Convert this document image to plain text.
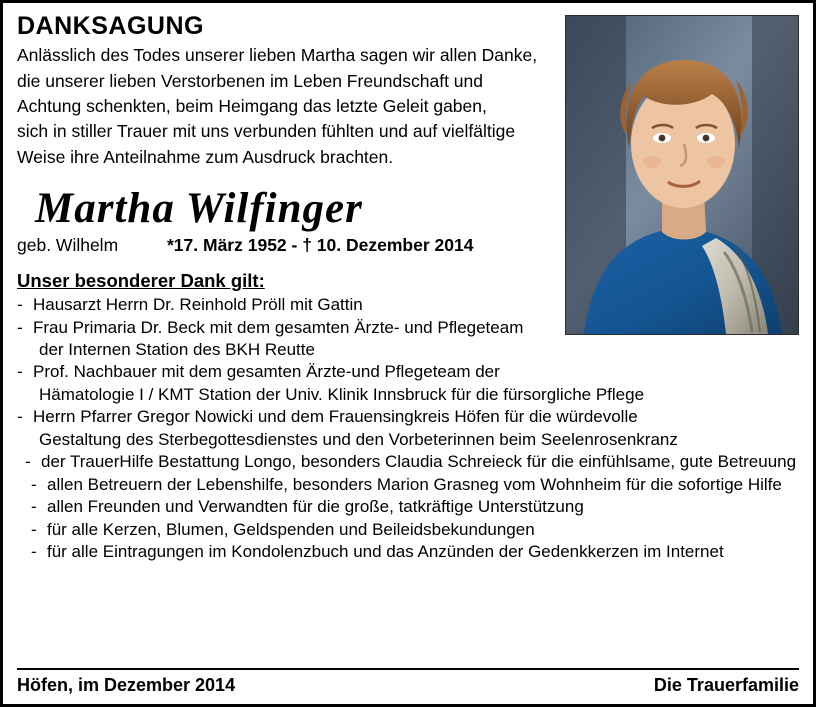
DANKSAGUNG

Anlässlich des Todes unserer lieben Martha sagen wir allen Danke,

die unserer lieben Verstorbenen im Leben Freundschaft und

Achtung schenkten, beim Heimgang das letzte Geleit gaben,

sich in stiller Trauer mit uns verbunden fühlten und auf vielfältige

Weise ihre Anteilnahme zum Ausdruck brachten.

Martha Wilfinger
geb. Wilhelm	*17. März 1952 - † 10. Dezember 2014
Unser besonderer Dank gilt:
- Hausarzt Herrn Dr. Reinhold Pröll mit Gattin
- Frau Primaria Dr. Beck mit dem gesamten Ärzte- und Pflegeteam
der Internen Station des BKH Reutte
- Prof. Nachbauer mit dem gesamten Ärzte-und Pflegeteam der
Hämatologie I / KMT Station der Univ. Klinik Innsbruck für die fürsorgliche Pflege
- Herrn Pfarrer Gregor Nowicki und dem Frauensingkreis Höfen für die würdevolle
Gestaltung des Sterbegottesdienstes und den Vorbeterinnen beim Seelenrosenkranz
- der TrauerHilfe Bestattung Longo, besonders Claudia Schreieck für die einfühlsame, gute Betreuung
- allen Betreuern der Lebenshilfe, besonders Marion Grasneg vom Wohnheim für die sofortige Hilfe
- allen Freunden und Verwandten für die große, tatkräftige Unterstützung
- für alle Kerzen, Blumen, Geldspenden und Beileidsbekundungen
- für alle Eintragungen im Kondolenzbuch und das Anzünden der Gedenkkerzen im Internet
Höfen, im Dezember 2014	Die Trauerfamilie
